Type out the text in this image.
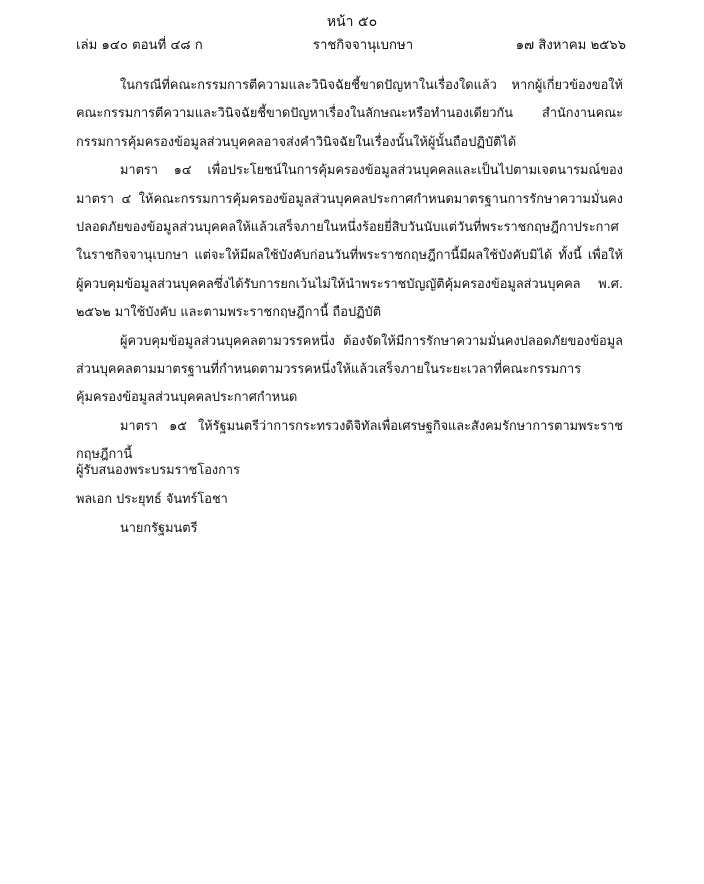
หน้า ๕๐
เล่ม ๑๔๐ ตอนที่ ๔๘ ก	ราชกิจจานุเบกษา	๑๗ สิงหาคม ๒๕๖๖

ในกรณีที่คณะกรรมการตีความและวินิจฉัยชี้ขาดปัญหาในเรื่องใดแล้ว หากผู้เกี่ยวข้องขอให้คณะกรรมการตีความและวินิจฉัยชี้ขาดปัญหาเรื่องในลักษณะหรือทำนองเดียวกัน สำนักงานคณะกรรมการคุ้มครองข้อมูลส่วนบุคคลอาจส่งคำวินิจฉัยในเรื่องนั้นให้ผู้นั้นถือปฏิบัติได้

มาตรา ๑๔ เพื่อประโยชน์ในการคุ้มครองข้อมูลส่วนบุคคลและเป็นไปตามเจตนารมณ์ของมาตรา ๔ ให้คณะกรรมการคุ้มครองข้อมูลส่วนบุคคลประกาศกำหนดมาตรฐานการรักษาความมั่นคงปลอดภัยของข้อมูลส่วนบุคคลให้แล้วเสร็จภายในหนึ่งร้อยยี่สิบวันนับแต่วันที่พระราชกฤษฎีกาประกาศในราชกิจจานุเบกษา แต่จะให้มีผลใช้บังคับก่อนวันที่พระราชกฤษฎีกานี้มีผลใช้บังคับมิได้ ทั้งนี้ เพื่อให้ผู้ควบคุมข้อมูลส่วนบุคคลซึ่งได้รับการยกเว้นไม่ให้นำพระราชบัญญัติคุ้มครองข้อมูลส่วนบุคคล พ.ศ. ๒๕๖๒ มาใช้บังคับ และตามพระราชกฤษฎีกานี้ ถือปฏิบัติ

ผู้ควบคุมข้อมูลส่วนบุคคลตามวรรคหนึ่ง ต้องจัดให้มีการรักษาความมั่นคงปลอดภัยของข้อมูลส่วนบุคคลตามมาตรฐานที่กำหนดตามวรรคหนึ่งให้แล้วเสร็จภายในระยะเวลาที่คณะกรรมการคุ้มครองข้อมูลส่วนบุคคลประกาศกำหนด

มาตรา ๑๕ ให้รัฐมนตรีว่าการกระทรวงดิจิทัลเพื่อเศรษฐกิจและสังคมรักษาการตามพระราชกฤษฎีกานี้

ผู้รับสนองพระบรมราชโองการ
พลเอก ประยุทธ์ จันทร์โอชา
นายกรัฐมนตรี
